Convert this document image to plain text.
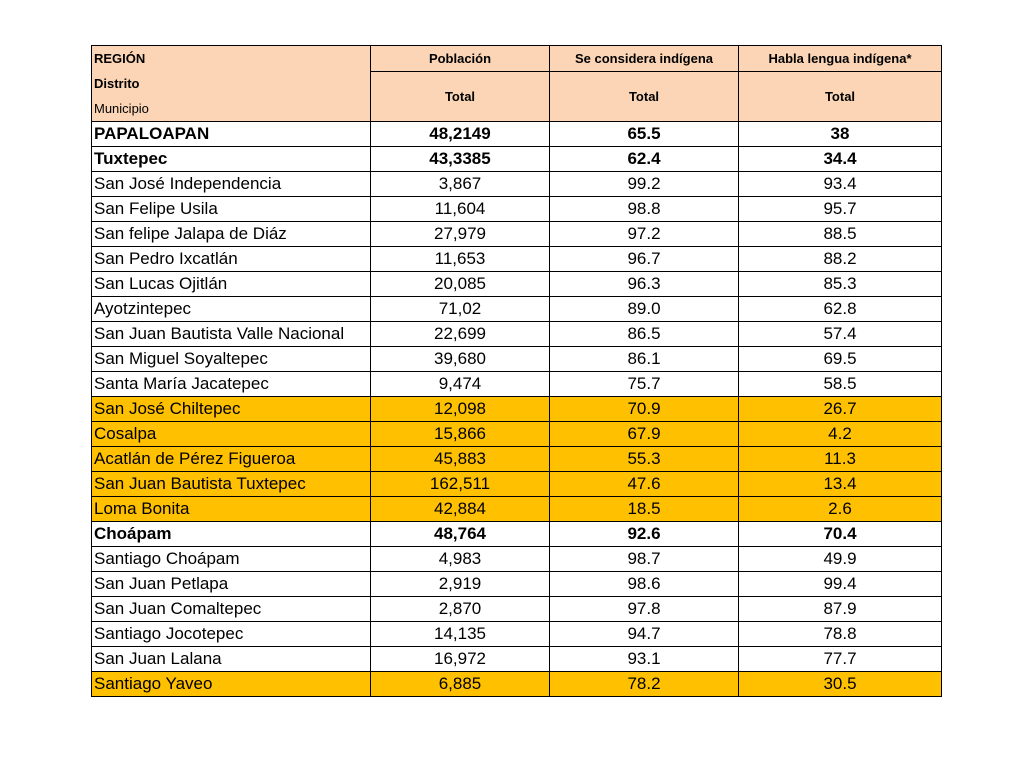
REGIÓN
Distrito
Municipio	Población	Se considera indígena	Habla lengua indígena*
	Total	Total	Total
PAPALOAPAN	48,2149	65.5	38
Tuxtepec	43,3385	62.4	34.4
San José Independencia	3,867	99.2	93.4
San Felipe Usila	11,604	98.8	95.7
San felipe Jalapa de Diáz	27,979	97.2	88.5
San Pedro Ixcatlán	11,653	96.7	88.2
San Lucas Ojitlán	20,085	96.3	85.3
Ayotzintepec	71,02	89.0	62.8
San Juan Bautista Valle Nacional	22,699	86.5	57.4
San Miguel Soyaltepec	39,680	86.1	69.5
Santa María Jacatepec	9,474	75.7	58.5
San José Chiltepec	12,098	70.9	26.7
Cosalpa	15,866	67.9	4.2
Acatlán de Pérez Figueroa	45,883	55.3	11.3
San Juan Bautista Tuxtepec	162,511	47.6	13.4
Loma Bonita	42,884	18.5	2.6
Choápam	48,764	92.6	70.4
Santiago Choápam	4,983	98.7	49.9
San Juan Petlapa	2,919	98.6	99.4
San Juan Comaltepec	2,870	97.8	87.9
Santiago Jocotepec	14,135	94.7	78.8
San Juan Lalana	16,972	93.1	77.7
Santiago Yaveo	6,885	78.2	30.5
